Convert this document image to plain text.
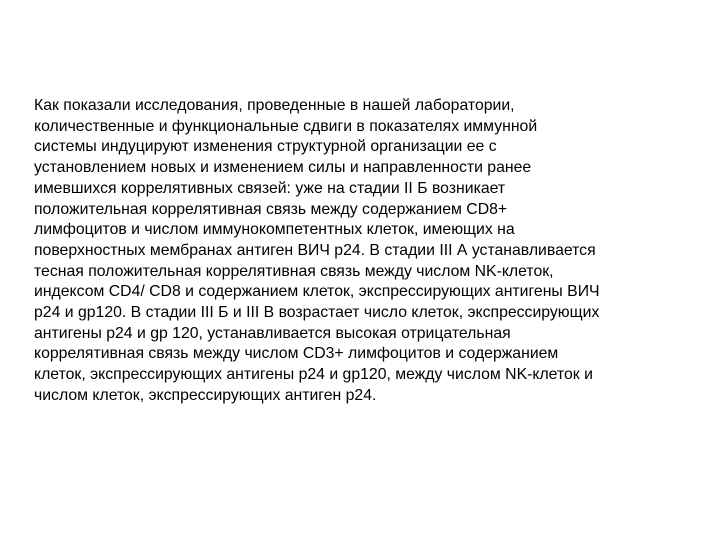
Как показали исследования, проведенные в нашей лаборатории,
количественные и функциональные сдвиги в показателях иммунной
системы индуцируют изменения структурной организации ее с
установлением новых и изменением силы и направленности ранее
имевшихся коррелятивных связей: уже на стадии II Б возникает
положительная коррелятивная связь между содержанием CD8+
лимфоцитов и числом иммунокомпетентных клеток, имеющих на
поверхностных мембранах антиген ВИЧ p24. В стадии III А устанавливается
тесная положительная коррелятивная связь между числом NK-клеток,
индексом CD4/ CD8 и содержанием клеток, экспрессирующих антигены ВИЧ
p24 и gp120. В стадии III Б и III В возрастает число клеток, экспрессирующих
антигены p24 и gp 120, устанавливается высокая отрицательная
коррелятивная связь между числом CD3+ лимфоцитов и содержанием
клеток, экспрессирующих антигены p24 и gp120, между числом NK-клеток и
числом клеток, экспрессирующих антиген p24.
